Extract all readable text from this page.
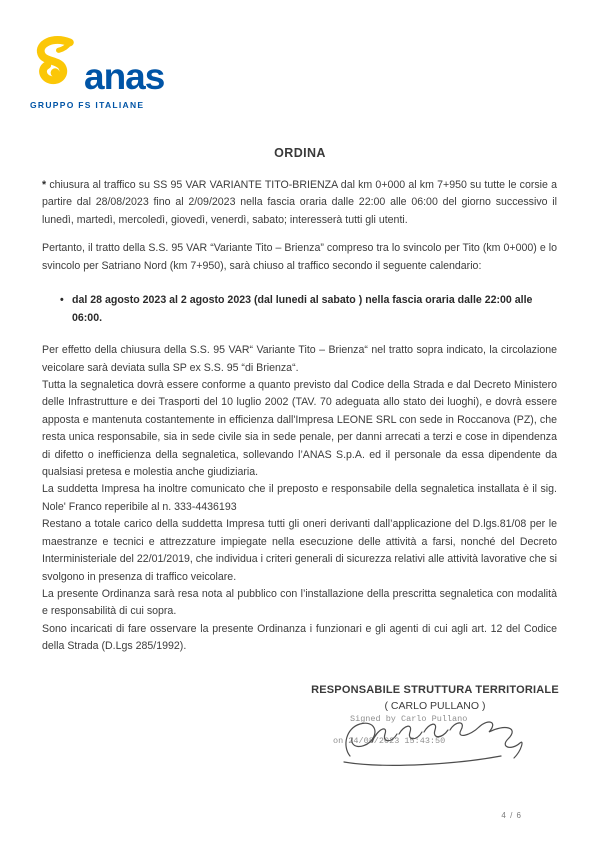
anas
GRUPPO FS ITALIANE
ORDINA

* chiusura al traffico su SS 95 VAR VARIANTE TITO-BRIENZA dal km 0+000 al km 7+950 su tutte le corsie a partire dal 28/08/2023 fino al 2/09/2023 nella fascia oraria dalle 22:00 alle 06:00 del giorno successivo il lunedì, martedì, mercoledì, giovedì, venerdì, sabato; interesserà tutti gli utenti.

Pertanto, il tratto della S.S. 95 VAR “Variante Tito – Brienza” compreso tra lo svincolo per Tito (km 0+000) e lo svincolo per Satriano Nord (km 7+950), sarà chiuso al traffico secondo il seguente calendario:

• dal 28 agosto 2023 al 2 agosto 2023 (dal lunedi al sabato ) nella fascia oraria dalle 22:00 alle 06:00.

Per effetto della chiusura della S.S. 95 VAR“ Variante Tito – Brienza“ nel tratto sopra indicato, la circolazione veicolare sarà deviata sulla SP ex S.S. 95 “di Brienza“.

Tutta la segnaletica dovrà essere conforme a quanto previsto dal Codice della Strada e dal Decreto Ministero delle Infrastrutture e dei Trasporti del 10 luglio 2002 (TAV. 70 adeguata allo stato dei luoghi), e dovrà essere apposta e mantenuta costantemente in efficienza dall'Impresa LEONE SRL con sede in Roccanova (PZ), che resta unica responsabile, sia in sede civile sia in sede penale, per danni arrecati a terzi e cose in dipendenza di difetto o inefficienza della segnaletica, sollevando l’ANAS S.p.A. ed il personale da essa dipendente da qualsiasi pretesa e molestia anche giudiziaria.

La suddetta Impresa ha inoltre comunicato che il preposto e responsabile della segnaletica installata è il sig. Nole' Franco reperibile al n. 333-4436193

Restano a totale carico della suddetta Impresa tutti gli oneri derivanti dall’applicazione del D.lgs.81/08 per le maestranze e tecnici e attrezzature impiegate nella esecuzione delle attività a farsi, nonché del Decreto Interministeriale del 22/01/2019, che individua i criteri generali di sicurezza relativi alle attività lavorative che si svolgono in presenza di traffico veicolare.

La presente Ordinanza sarà resa nota al pubblico con l’installazione della prescritta segnaletica con modalità e responsabilità di cui sopra.

Sono incaricati di fare osservare la presente Ordinanza i funzionari e gli agenti di cui agli art. 12 del Codice della Strada (D.Lgs 285/1992).

RESPONSABILE STRUTTURA TERRITORIALE
( CARLO PULLANO )
Signed by Carlo Pullano
on 24/08/2023 15:43:50
4 / 6
